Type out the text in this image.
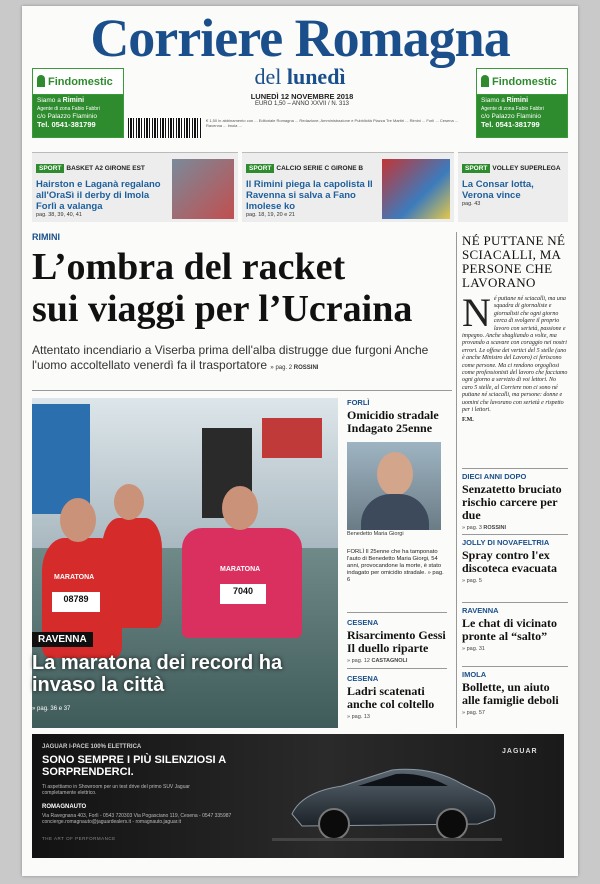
Corriere Romagna
del lunedì
LUNEDÌ 12 NOVEMBRE 2018
EURO 1,50 – ANNO XXVII / N. 313
Findomestic
Siamo a Rimini
Agente di zona Fabio Fabbri
c/o Palazzo Flaminio
Tel. 0541-381799
Findomestic
Siamo a Rimini
Agente di zona Fabio Fabbri
c/o Palazzo Flaminio
Tel. 0541-381799
€ 1,50 in abbinamento con ... Editoriale Romagna ... Redazione, Amministrazione e Pubblicità Piazza Tre Martiri ... Rimini ... Forlì ... Cesena ... Ravenna ... Imola ...
SPORT BASKET A2 GIRONE EST
Hairston e Laganà regalano all'OraSì il derby di Imola Forlì a valanga
pag. 38, 39, 40, 41
SPORT CALCIO SERIE C GIRONE B
Il Rimini piega la capolista Il Ravenna si salva a Fano Imolese ko
pag. 18, 19, 20 e 21
SPORT VOLLEY SUPERLEGA
La Consar lotta, Verona vince
pag. 43
RIMINI
L’ombra del racket
sui viaggi per l’Ucraina
Attentato incendiario a Viserba prima dell'alba distrugge due furgoni Anche l'uomo accoltellato venerdì fa il trasportatore » pag. 2 ROSSINI
08789
7040
MARATONA
MARATONA
RAVENNA
La maratona dei record ha invaso la città
» pag. 36 e 37
FORLÌ
Omicidio stradale Indagato 25enne
Benedetto Maria Giorgi
FORLÌ Il 25enne che ha tamponato l'auto di Benedetto Maria Giorgi, 54 anni, provocandone la morte, è stato indagato per omicidio stradale. » pag. 6
CESENA
Risarcimento Gessi Il duello riparte
» pag. 12 CASTAGNOLI
CESENA
Ladri scatenati anche col coltello
» pag. 13
NÉ PUTTANE NÉ SCIACALLI, MA PERSONE CHE LAVORANO
Né puttane né sciacalli, ma una squadra di giornaliste e giornalisti che ogni giorno cerca di svolgere il proprio lavoro con serietà, passione e impegno. Anche sbagliando a volte, ma provando a scavare con coraggio nei nostri errori. Le offese dei vertici del 5 stelle (uno è anche Ministro del Lavoro) ci feriscono come persone. Ma ci rendono orgogliosi come professionisti del lavoro che facciamo ogni giorno a servizio di voi lettori. No caro 5 stelle, al Corriere non ci sono né puttane né sciacalli, ma persone: donne e uomini che lavorano con serietà e rispetto per i lettori.
F.M.
DIECI ANNI DOPO
Senzatetto bruciato rischio carcere per due
» pag. 3 ROSSINI
JOLLY DI NOVAFELTRIA
Spray contro l'ex discoteca evacuata
» pag. 5
RAVENNA
Le chat di vicinato pronte al “salto”
» pag. 31
IMOLA
Bollette, un aiuto alle famiglie deboli
» pag. 57
JAGUAR I-PACE 100% ELETTRICA
SONO SEMPRE I PIÙ SILENZIOSI A SORPRENDERCI.
Ti aspettiamo in Showroom per un test drive del primo SUV Jaguar completamente elettrico.
ROMAGNAUTO
Via Ravegnana 403, Forlì - 0543 720303 Via Pogasciano 119, Cesena - 0547 335987 concierge.romagnauto@jaguardealers.it - romagnauto.jaguar.it
THE ART OF PERFORMANCE
JAGUAR
